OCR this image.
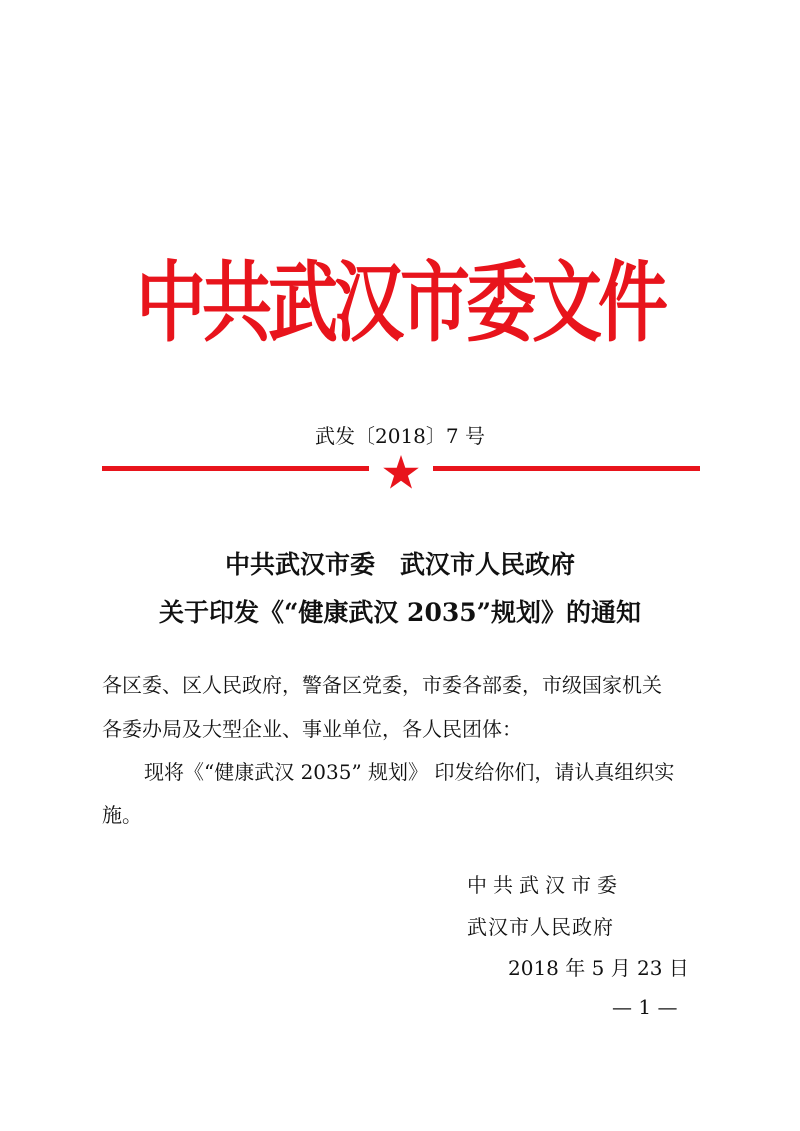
中共武汉市委文件
武发〔2018〕7 号
中共武汉市委　武汉市人民政府
关于印发《“健康武汉 2035”规划》的通知
各区委、区人民政府，警备区党委，市委各部委，市级国家机关
各委办局及大型企业、事业单位，各人民团体：
现将《“健康武汉 2035” 规划》 印发给你们，请认真组织实
施。
中共武汉市委
武汉市人民政府
2018 年 5 月 23 日
— 1 —
